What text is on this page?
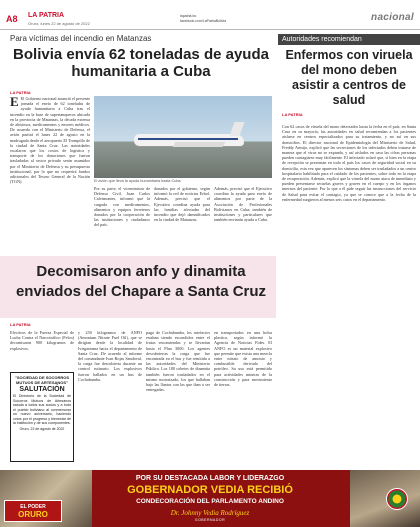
A8 LA PATRIA
Oruro, lunes 22 de agosto de 2022
lapatria.bo
facebook.com/LaPatriaBolivia	nacional
Para víctimas del incendio en Matanzas
Bolivia envía 62 toneladas de ayuda humanitaria a Cuba
LA PATRIA
E El Gobierno nacional anunció el presente jornada el envío de 62 toneladas de ayuda humanitaria a Cuba tras el incendio en la base de supertanqueros ubicada en la provincia de Matanzas, la década extensa de altísimos, medicamentos y enseres médicos. De acuerdo con el Ministerio de Defensa, el avión partirá el lunes 22 de agosto en la madrugada desde el aeropuerto El Trompillo de la ciudad de Santa Cruz. Las autoridades escalaron que los costos de logística y transporte de los donaciones que fueron trasladadas al sector privado serán asumidos por el Ministerio de Defensa y su presupuesto institucional, por lo que no requerirá fondos adicionales del Tesoro General de la Nación (TGN).	El avión que lleva la ayuda humanitaria hasta Cuba.
Por su parte, el viceministro de Defensa Civil, Juan Carlos Calvimontes, informó que la cargada con medicamentos, alimentos y equipos ferreteros donados por la cooperación de las instituciones y ciudadanos del país.
donados por el gobierno, según informó la red de noticias Erbol. Además, precisó que el Ejecutivo coordina ayuda para las familias afectadas del incendio que dejó damnificados en la ciudad de Matanzas.
Además, precisó que el Ejecutivo coordina la ayuda para envío de alimentos por parte de la Asociación de Profesionales Bolivianos en Cuba; también de instituciones y particulares que también enviarán ayuda a Cuba.
Autoridades recomiendan
Enfermos con viruela del mono deben asistir a centros de salud
LA PATRIA
Con 62 casos de viruela del mono detectados hasta la fecha en el país, en Santa Cruz en su mayoría, las autoridades en salud recomiendan a los pacientes aislarse en centros especializados para su tratamiento, y no así en sus domicilios. El director nacional de Epidemiología del Ministerio de Salud, Freddy Armijo, explicó que las secreciones de los infectados deben tratarse de manera que el virus no se expanda, y así aislados en casa las cifras personas pueden contagiarse muy fácilmente. El infectado aclaró que, si bien en la etapa de recepción se presentan en todo el país los casos de seguridad social en su domicilio, esta vez que aparecen los síntomas deben ser trasladados a un centro hospitalario habilitado para el cuidado de los pacientes, sobre todo en la etapa de recuperación. Además, explicó que la viruela del mono ataca de inmediato y pueden presentarse secuelas graves y graves en el cuerpo y en los órganos internos del paciente. Por lo que a él pide seguir las instrucciones del servicio de Salud para evitar el contagio, ya que se conoce que a la fecha de la enfermedad surgieron al menos seis casos en el departamento.
Decomisaron anfo y dinamita enviados del Chapare a Santa Cruz
LA PATRIA
Efectivos de la Fuerza Especial de Lucha Contra el Narcotráfico (Felcn) decomisaron 900 kilogramos de explosivos.
y 250 kilogramos de ANFO (Amonium Nitrate Fuel Oil), que se dirigían desde la localidad de Ivirgarzama hacia el departamento de Santa Cruz. De acuerdo al informe del comandante Ivan Rojas Sandoval, la carga fue descubierta durante un control rutinario. Los explosivos fueron hallados en un bus de Cochabamba.
pago de Cochabamba, los artefactos estaban siendo escondidos entre el frutas encomiendas y se llevarían hasta el Plan 3000. Los agentes descubrieron la carga que fue encontrada en el bus y fue remitida a las autoridades del Ministerio Público. Los 180 cohetes de dinamita también fueron trasladados en el mismo motorizado, los que hallaban bajo las llantas con las que iban a ser entregadas.
en transportados en una bolsa plastica, según informó la Agencia de Noticias Fides. El ANFO es un material explosivo que permite que exista una mezcla entre nitrato de amonio y combustible derivado del petróleo. Su uso está permitido para actividades mineras de la construcción y para movimiento de tierras.
"SOCIEDAD DE SOCORROS MUTUOS DE ARTESANOS"
SALUTACIÓN
El Directorio de la Sociedad de Socorros Mutuos de Artesanos saluda a todos sus socios y a todo el pueblo boliviano al conmemorar un nuevo aniversario, haciendo votos por el progreso y bienestar de la institución y de sus componentes.
Oruro, 22 de agosto de 2022
EL PODER
ORURO
POR SU DESTACADA LABOR Y LIDERAZGO
GOBERNADOR VEDIA RECIBIÓ
CONDECORACIÓN DEL PARLAMENTO ANDINO
Dr. Johnny Vedia Rodríguez
GOBERNADOR
